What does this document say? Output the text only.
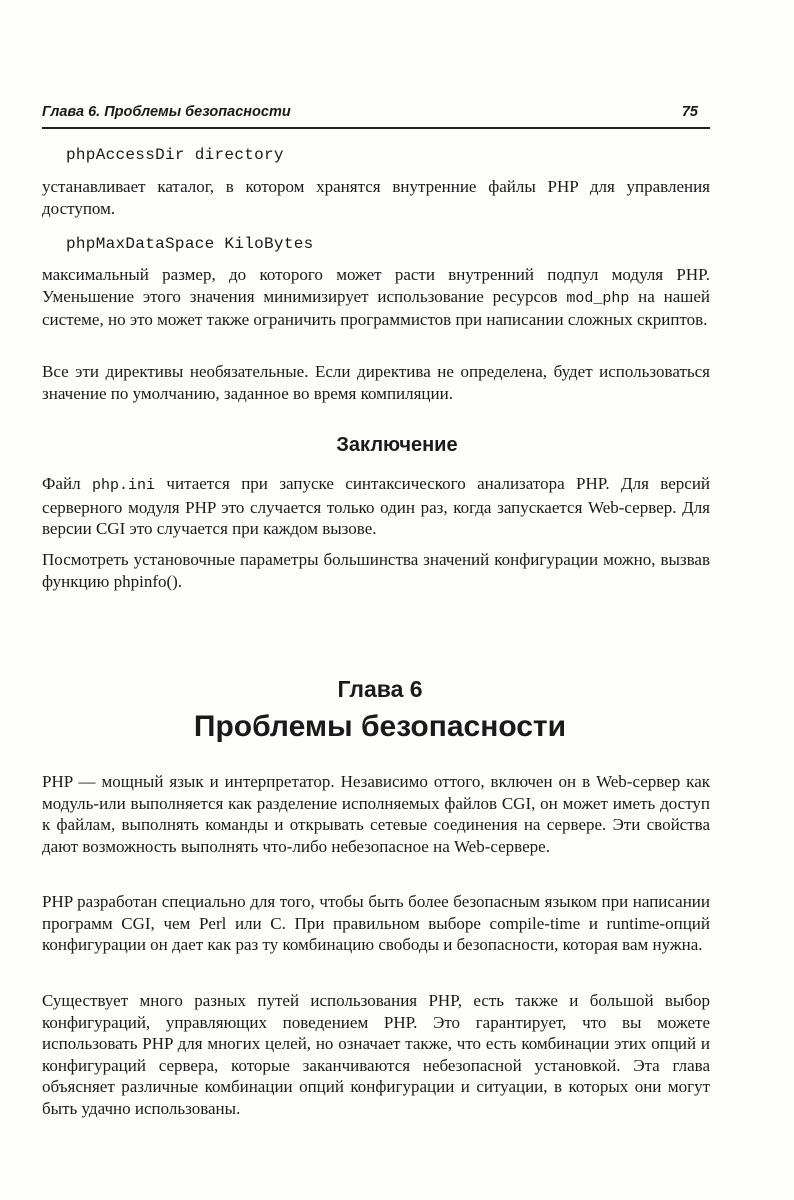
Глава 6. Проблемы безопасности	75
phpAccessDir directory
устанавливает каталог, в котором хранятся внутренние файлы PHP для управления доступом.
phpMaxDataSpace KiloBytes
максимальный размер, до которого может расти внутренний подпул модуля PHP. Уменьшение этого значения минимизирует использование ресурсов mod_php на нашей системе, но это может также ограничить программистов при написании сложных скриптов.
Все эти директивы необязательные. Если директива не определена, будет использоваться значение по умолчанию, заданное во время компиляции.
Заключение
Файл php.ini читается при запуске синтаксического анализатора PHP. Для версий серверного модуля PHP это случается только один раз, когда запускается Web-сервер. Для версии CGI это случается при каждом вызове.
Посмотреть установочные параметры большинства значений конфигурации можно, вызвав функцию phpinfo().
Глава 6
Проблемы безопасности
PHP — мощный язык и интерпретатор. Независимо оттого, включен он в Web-сервер как модуль-или выполняется как разделение исполняемых файлов CGI, он может иметь доступ к файлам, выполнять команды и открывать сетевые соединения на сервере. Эти свойства дают возможность выполнять что-либо небезопасное на Web-сервере.
PHP разработан специально для того, чтобы быть более безопасным языком при написании программ CGI, чем Perl или С. При правильном выборе compile-time и runtime-опций конфигурации он дает как раз ту комбинацию свободы и безопасности, которая вам нужна.
Существует много разных путей использования PHP, есть также и большой выбор конфигураций, управляющих поведением PHP. Это гарантирует, что вы можете использовать PHP для многих целей, но означает также, что есть комбинации этих опций и конфигураций сервера, которые заканчиваются небезопасной установкой. Эта глава объясняет различные комбинации опций конфигурации и ситуации, в которых они могут быть удачно использованы.
